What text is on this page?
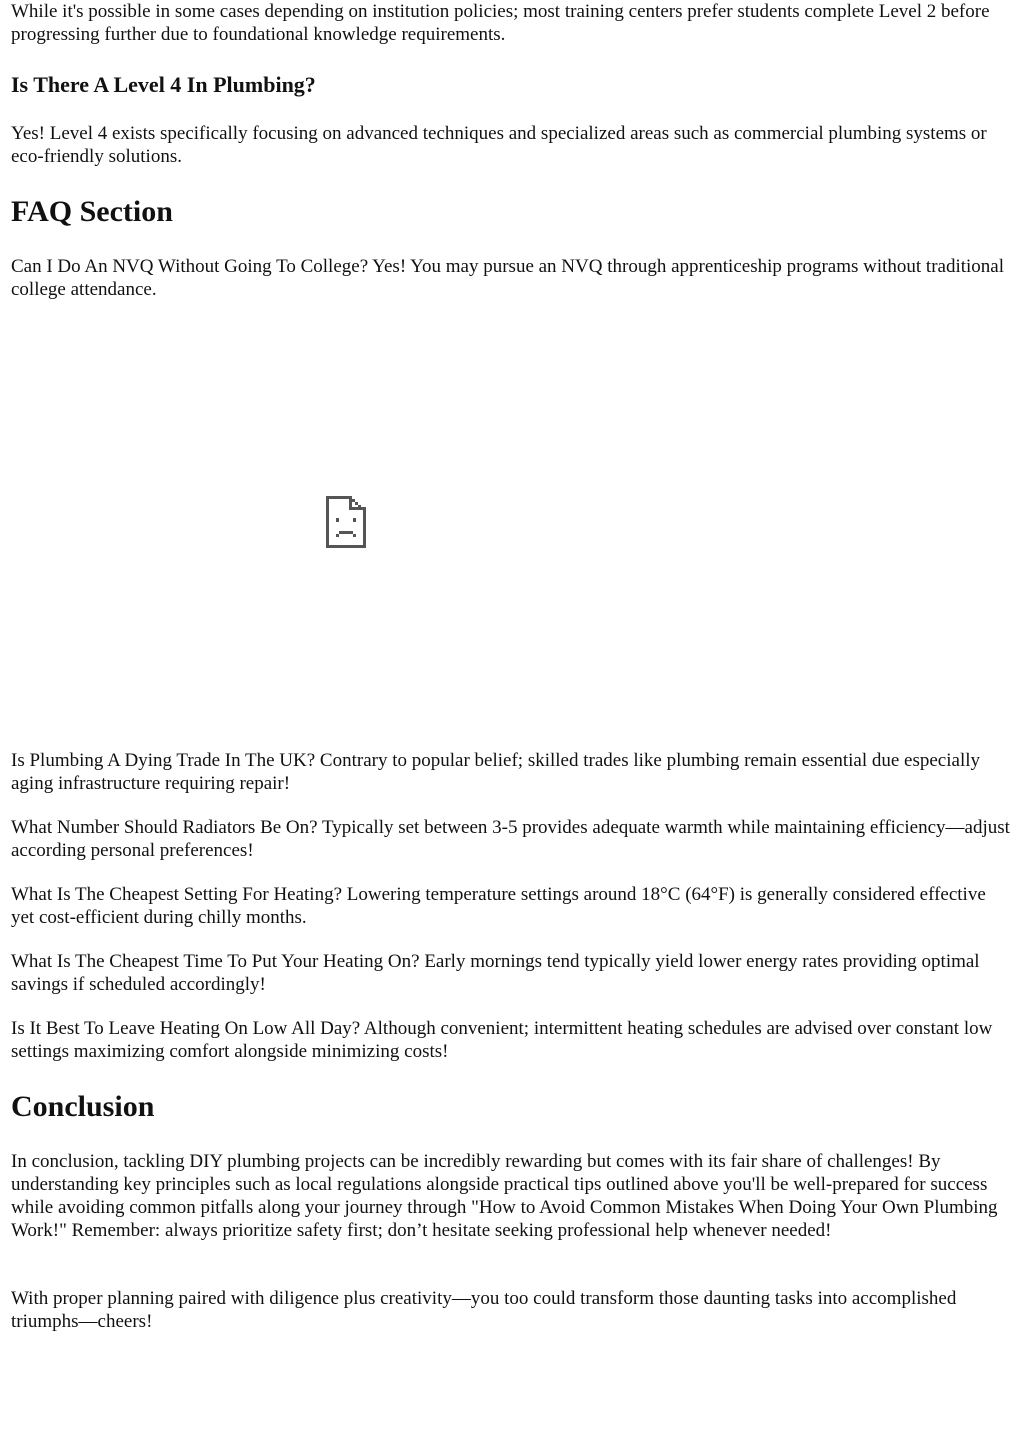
While it's possible in some cases depending on institution policies; most training centers prefer students complete Level 2 before progressing further due to foundational knowledge requirements.

Is There A Level 4 In Plumbing?

Yes! Level 4 exists specifically focusing on advanced techniques and specialized areas such as commercial plumbing systems or eco-friendly solutions.

FAQ Section

Can I Do An NVQ Without Going To College? Yes! You may pursue an NVQ through apprenticeship programs without traditional college attendance.

Is Plumbing A Dying Trade In The UK? Contrary to popular belief; skilled trades like plumbing remain essential due especially aging infrastructure requiring repair!

What Number Should Radiators Be On? Typically set between 3-5 provides adequate warmth while maintaining efficiency—adjust according personal preferences!

What Is The Cheapest Setting For Heating? Lowering temperature settings around 18°C (64°F) is generally considered effective yet cost-efficient during chilly months.

What Is The Cheapest Time To Put Your Heating On? Early mornings tend typically yield lower energy rates providing optimal savings if scheduled accordingly!

Is It Best To Leave Heating On Low All Day? Although convenient; intermittent heating schedules are advised over constant low settings maximizing comfort alongside minimizing costs!

Conclusion

In conclusion, tackling DIY plumbing projects can be incredibly rewarding but comes with its fair share of challenges! By understanding key principles such as local regulations alongside practical tips outlined above you'll be well-prepared for success while avoiding common pitfalls along your journey through "How to Avoid Common Mistakes When Doing Your Own Plumbing Work!" Remember: always prioritize safety first; don’t hesitate seeking professional help whenever needed!

With proper planning paired with diligence plus creativity—you too could transform those daunting tasks into accomplished triumphs—cheers!
